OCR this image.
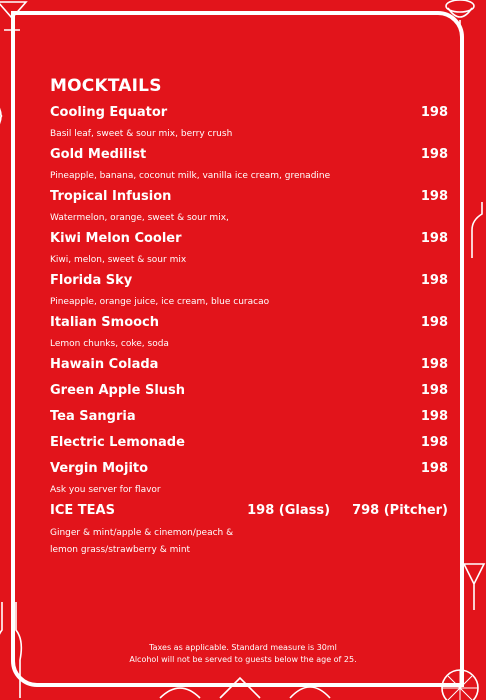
MOCKTAILS
Cooling Equator	198
Basil leaf, sweet & sour mix, berry crush
Gold Medilist	198
Pineapple, banana, coconut milk, vanilla ice cream, grenadine
Tropical Infusion	198
Watermelon, orange, sweet & sour mix,
Kiwi Melon Cooler	198
Kiwi, melon, sweet & sour mix
Florida Sky	198
Pineapple, orange juice, ice cream, blue curacao
Italian Smooch	198
Lemon chunks, coke, soda
Hawain Colada	198
Green Apple Slush	198
Tea Sangria	198
Electric Lemonade	198
Vergin Mojito	198
Ask you server for flavor
ICE TEAS	198 (Glass) 798 (Pitcher)
Ginger & mint/apple & cinemon/peach &
lemon grass/strawberry & mint
Taxes as applicable. Standard measure is 30ml
Alcohol will not be served to guests below the age of 25.
